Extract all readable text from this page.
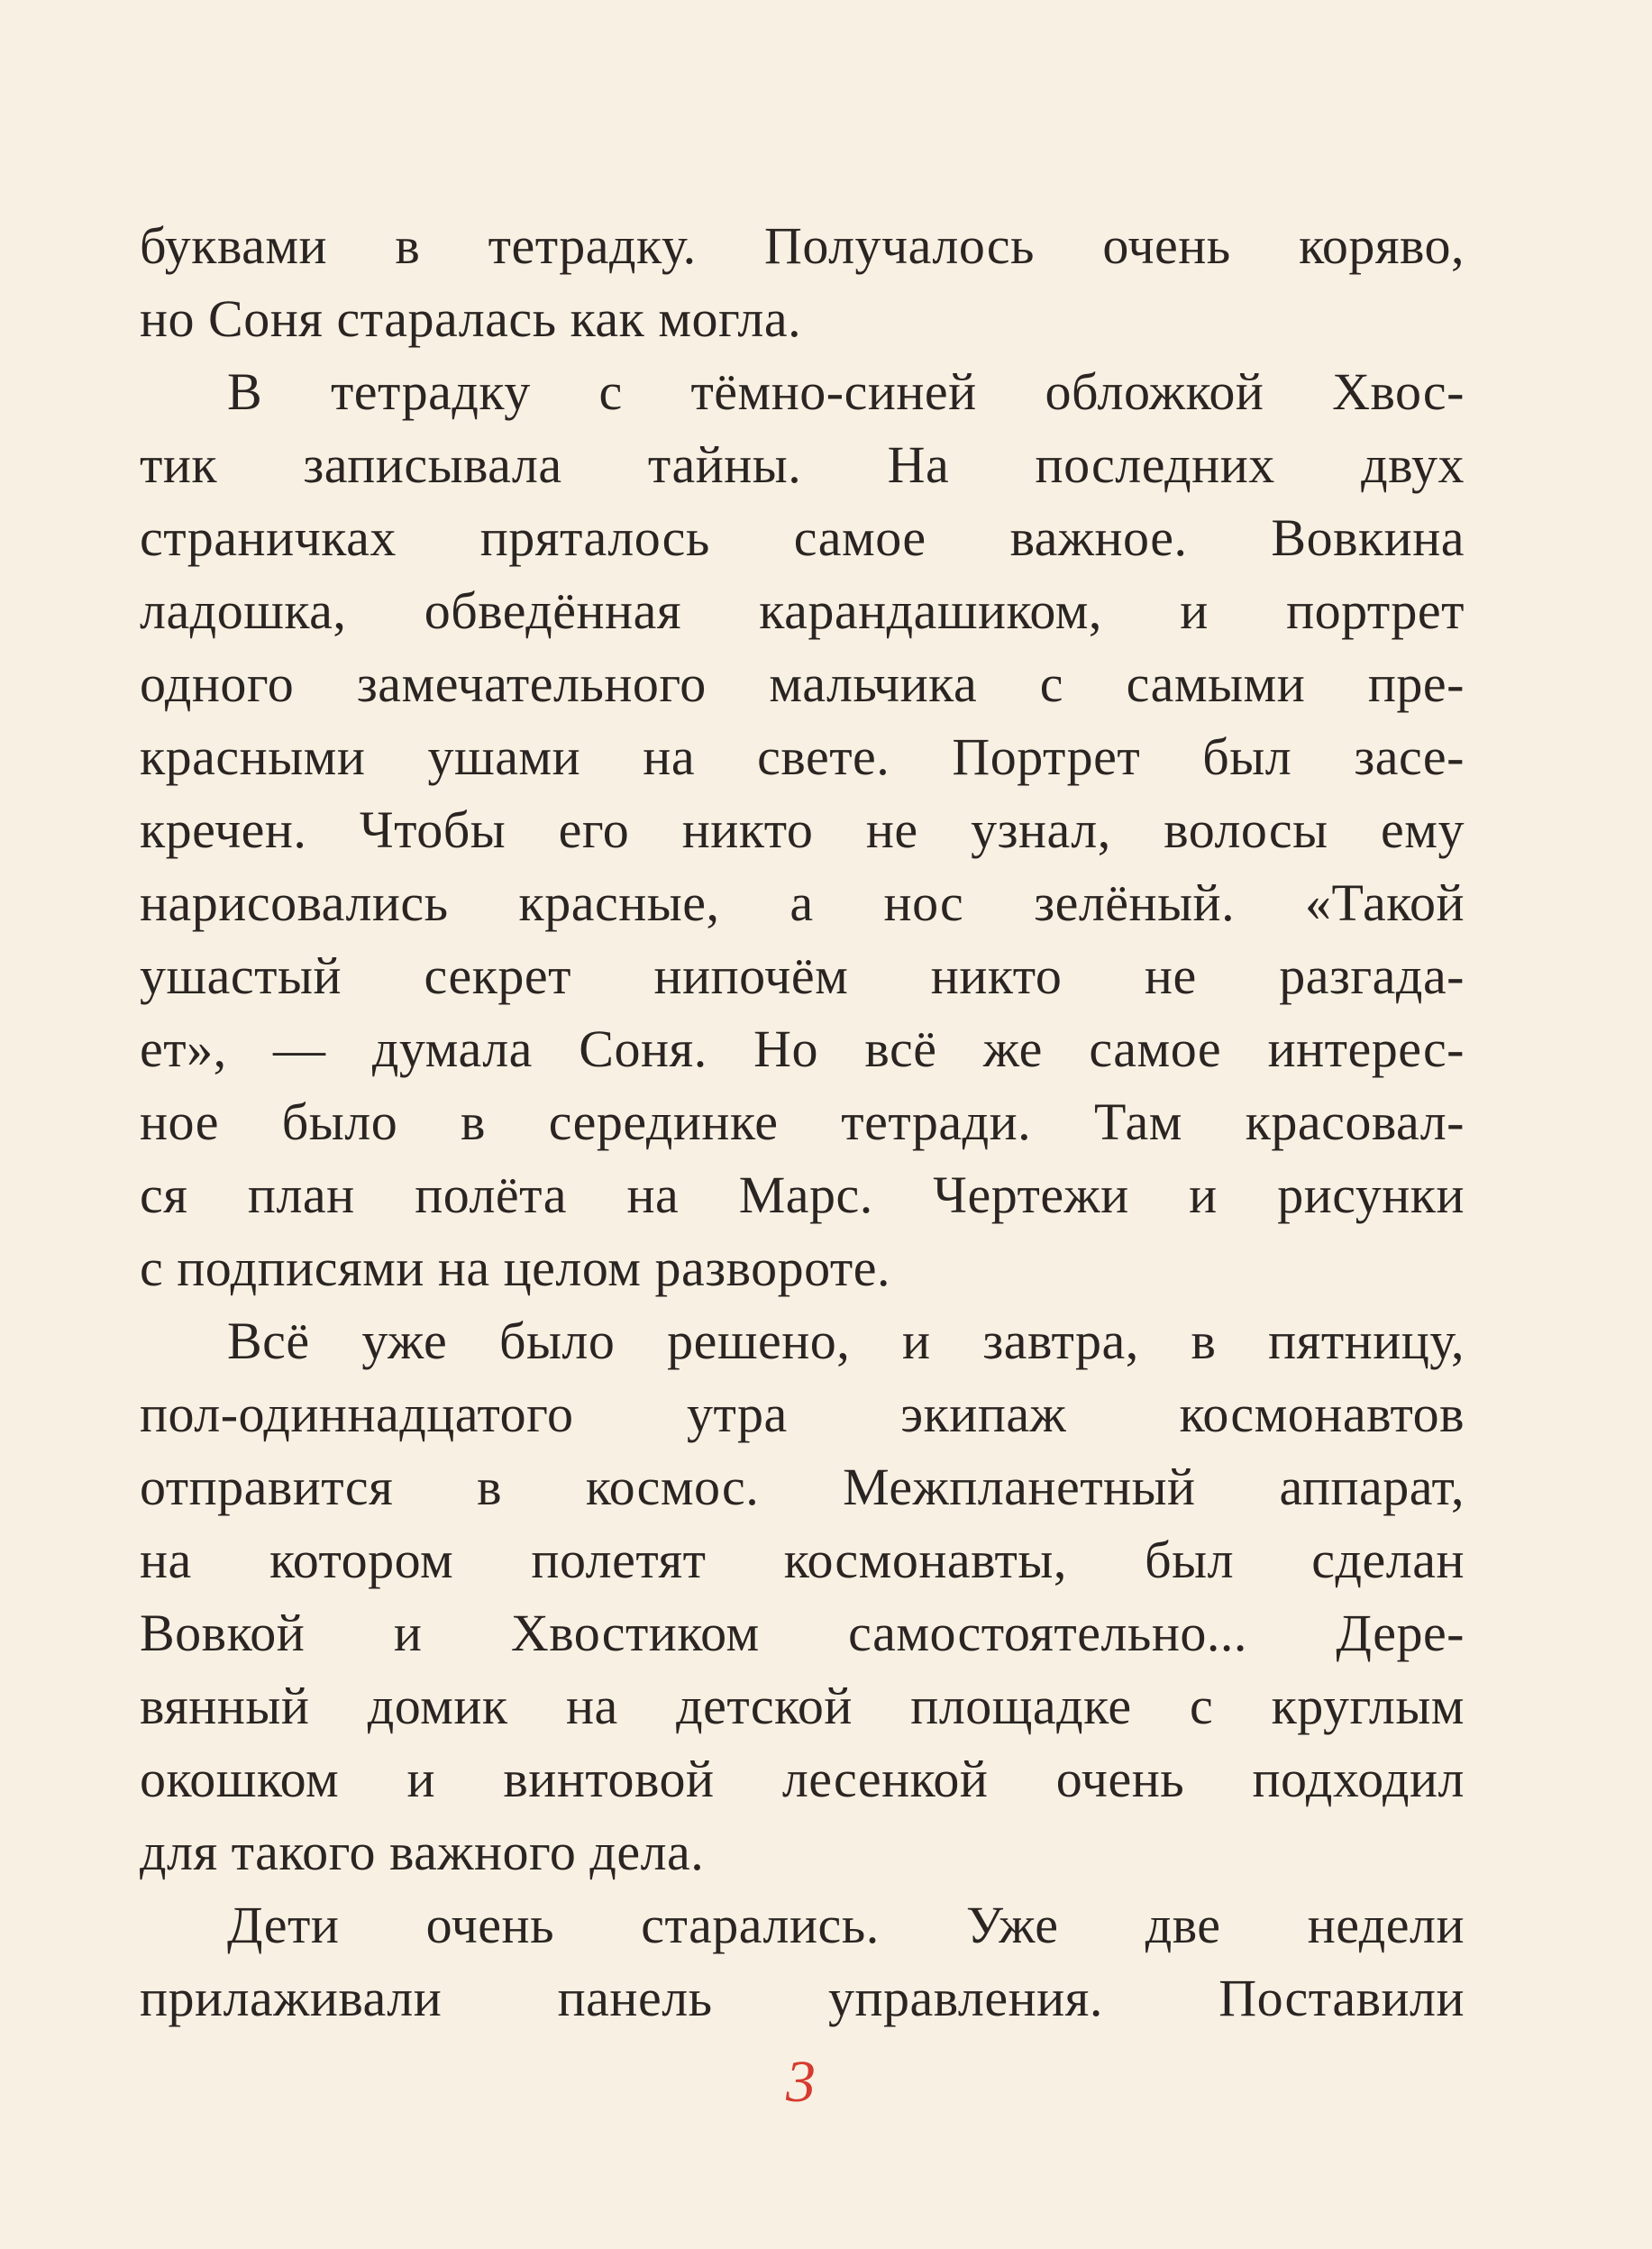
буквами в тетрадку. Получалось очень коряво,
но Соня старалась как могла.
В тетрадку с тёмно-синей обложкой Хвос-
тик записывала тайны. На последних двух
страничках пряталось самое важное. Вовкина
ладошка, обведённая карандашиком, и портрет
одного замечательного мальчика с самыми пре-
красными ушами на свете. Портрет был засе-
кречен. Чтобы его никто не узнал, волосы ему
нарисовались красные, а нос зелёный. «Такой
ушастый секрет нипочём никто не разгада-
ет», — думала Соня. Но всё же самое интерес-
ное было в серединке тетради. Там красовал-
ся план полёта на Марс. Чертежи и рисунки
с подписями на целом развороте.
Всё уже было решено, и завтра, в пятницу,
пол-одиннадцатого утра экипаж космонавтов
отправится в космос. Межпланетный аппарат,
на котором полетят космонавты, был сделан
Вовкой и Хвостиком самостоятельно... Дере-
вянный домик на детской площадке с круглым
окошком и винтовой лесенкой очень подходил
для такого важного дела.
Дети очень старались. Уже две недели
прилаживали панель управления. Поставили
3
